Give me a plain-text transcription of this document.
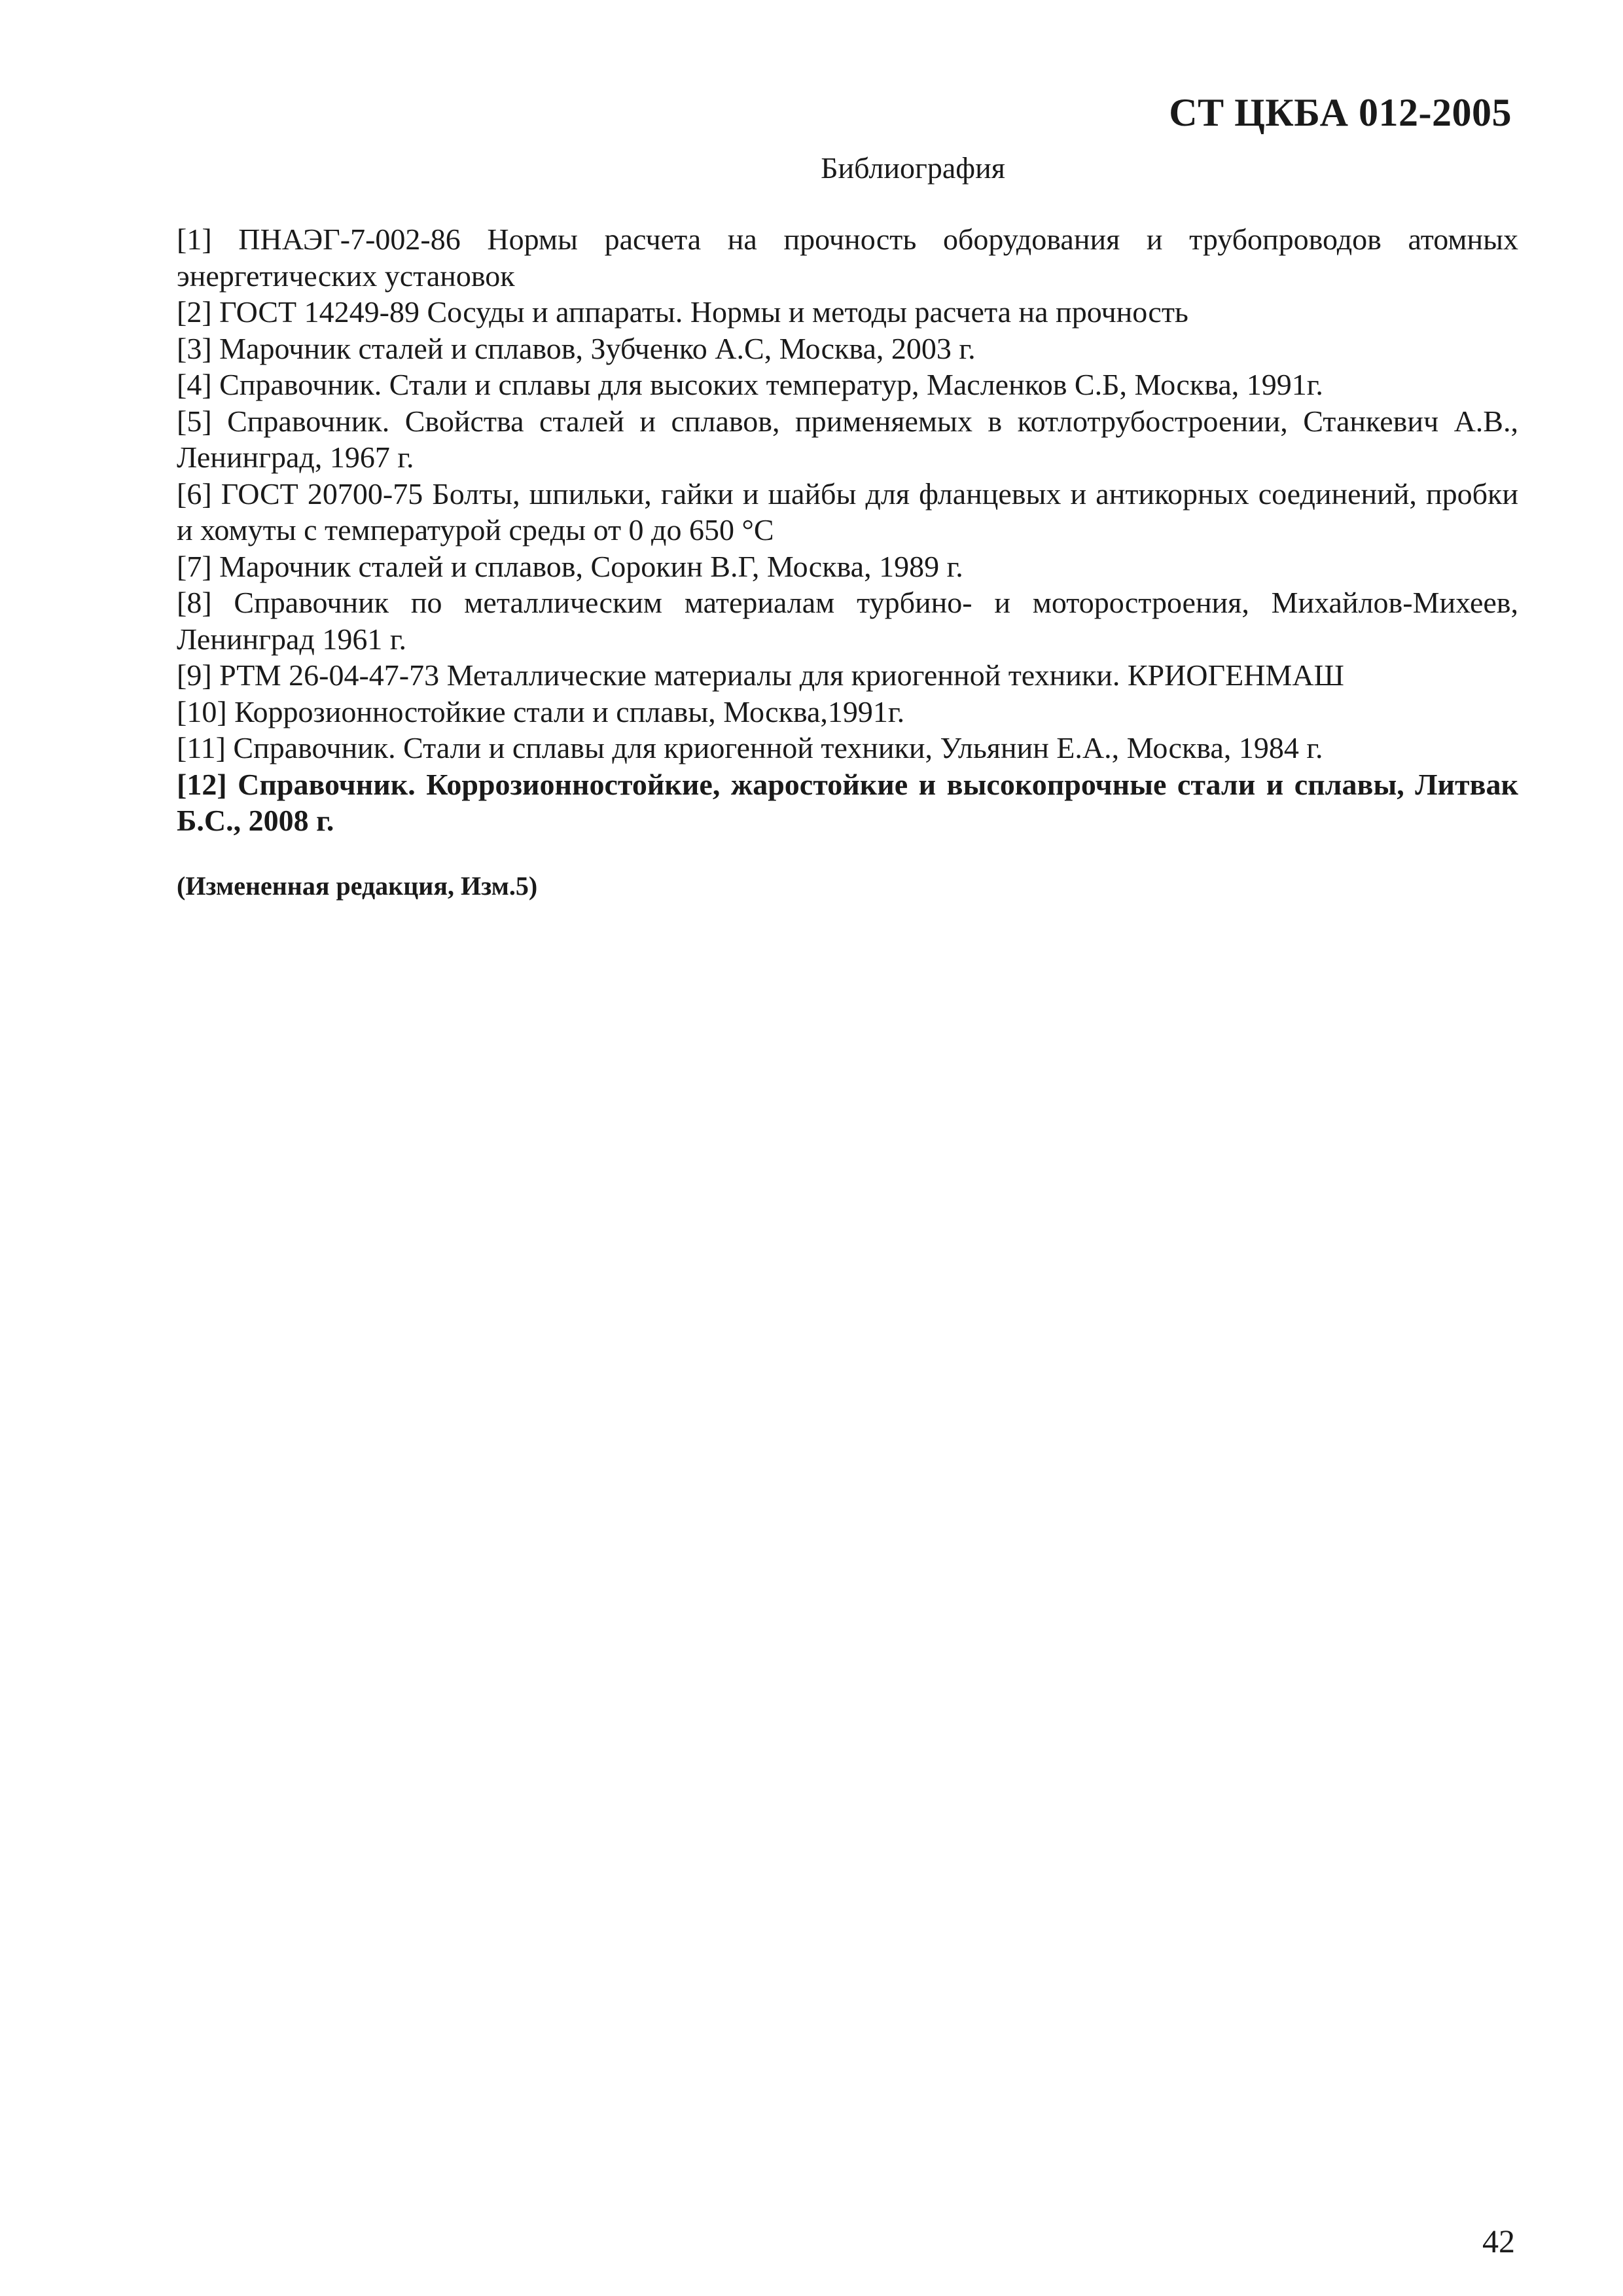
СТ ЦКБА 012-2005
Библиография
[1] ПНАЭГ-7-002-86 Нормы расчета на прочность оборудования и трубопроводов атомных энергетических установок
[2] ГОСТ 14249-89 Сосуды и аппараты. Нормы и методы расчета на прочность
[3] Марочник сталей и сплавов, Зубченко А.С, Москва, 2003 г.
[4] Справочник. Стали и сплавы для высоких температур, Масленков С.Б, Москва, 1991г.
[5] Справочник. Свойства сталей и сплавов, применяемых в котлотрубостроении, Станкевич А.В., Ленинград, 1967 г.
[6] ГОСТ 20700-75 Болты, шпильки, гайки и шайбы для фланцевых и антикорных соединений, пробки и хомуты с температурой среды от 0 до 650 °С
[7] Марочник сталей и сплавов, Сорокин В.Г, Москва, 1989 г.
[8] Справочник по металлическим материалам турбино- и моторостроения, Михайлов-Михеев, Ленинград 1961 г.
[9] РТМ 26-04-47-73 Металлические материалы для криогенной техники. КРИОГЕНМАШ
[10] Коррозионностойкие стали и сплавы, Москва,1991г.
[11] Справочник. Стали и сплавы для криогенной техники, Ульянин Е.А., Москва, 1984 г.
[12] Справочник. Коррозионностойкие, жаростойкие и высокопрочные стали и сплавы, Литвак Б.С., 2008 г.
(Измененная редакция, Изм.5)
42
